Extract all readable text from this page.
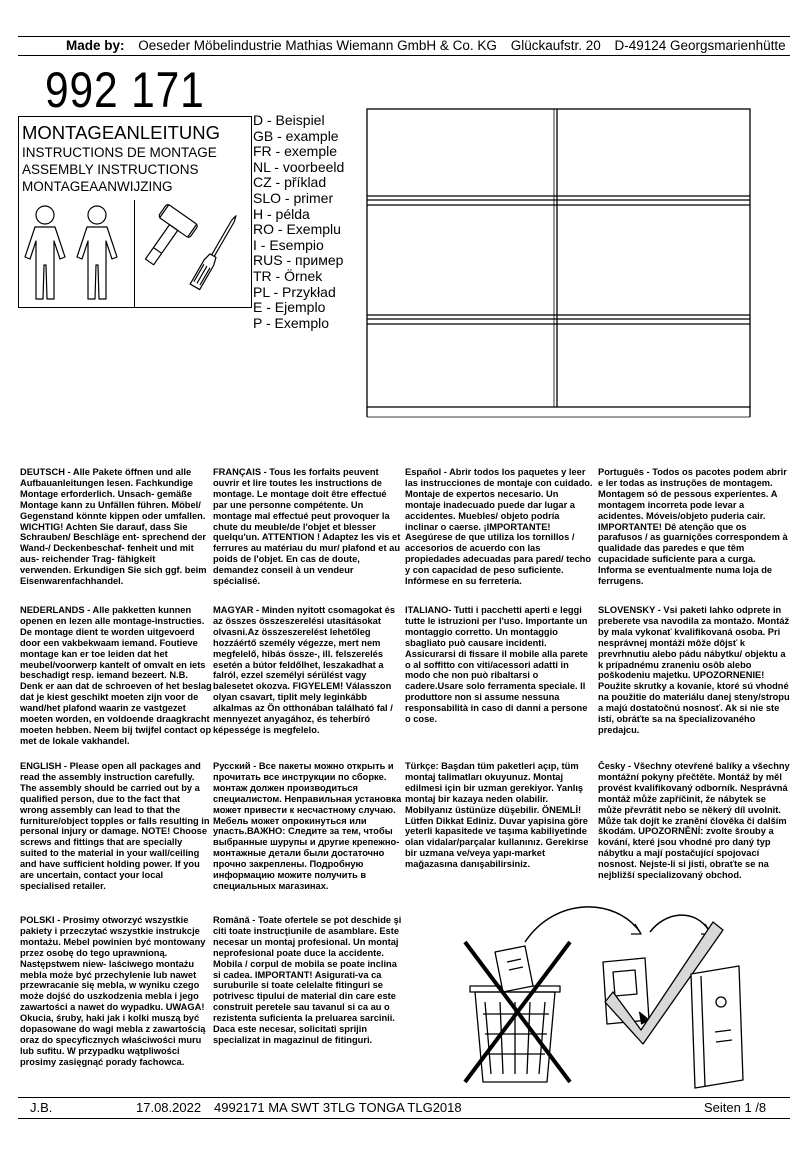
Made by: Oeseder Möbelindustrie Mathias Wiemann GmbH & Co. KG Glückaufstr. 20 D-49124 Georgsmarienhütte
992 171
MONTAGEANLEITUNG
INSTRUCTIONS DE MONTAGE
ASSEMBLY INSTRUCTIONS
MONTAGEAANWIJZING
D - Beispiel
GB - example
FR - exemple
NL - voorbeeld
CZ - příklad
SLO - primer
H - példa
RO - Exemplu
I - Esempio
RUS - пример
TR - Örnek
PL - Przykład
E - Ejemplo
P - Exemplo
DEUTSCH - Alle Pakete öffnen und alle Aufbauanleitungen lesen. Fachkundige Montage erforderlich. Unsach- gemäße Montage kann zu Unfällen führen. Möbel/ Gegenstand könnte kippen oder umfallen. WICHTIG! Achten Sie darauf, dass Sie Schrauben/ Beschläge ent- sprechend der Wand-/ Deckenbeschaf- fenheit und mit aus- reichender Trag- fähigkeit verwenden. Erkundigen Sie sich ggf. beim Eisenwarenfachhandel.
FRANÇAIS - Tous les forfaits peuvent ouvrir et lire toutes les instructions de montage. Le montage doit être effectué par une personne compétente. Un montage mal effectué peut provoquer la chute du meuble/de l'objet et blesser quelqu'un. ATTENTION ! Adaptez les vis et ferrures au matériau du mur/ plafond et au poids de l'objet. En cas de doute, demandez conseil à un vendeur spécialisé.
Español - Abrir todos los paquetes y leer las instrucciones de montaje con cuidado. Montaje de expertos necesario. Un montaje inadecuado puede dar lugar a accidentes. Muebles/ objeto podría inclinar o caerse. ¡IMPORTANTE! Asegúrese de que utiliza los tornillos / accesorios de acuerdo con las propiedades adecuadas para pared/ techo y con capacidad de peso suficiente. Infórmese en su ferretería.
Português - Todos os pacotes podem abrir e ler todas as instruções de montagem. Montagem só de pessous experientes. A montagem incorreta pode levar a acidentes. Móveis/objeto puderia cair. IMPORTANTE! Dê atenção que os parafusos / as guarnições correspondem à qualidade das paredes e que têm cupacidade suficiente para a curga. Informa se eventualmente numa loja de ferrugens.
NEDERLANDS - Alle pakketten kunnen openen en lezen alle montage-instructies. De montage dient te worden uitgevoerd door een vakbekwaam iemand. Foutieve montage kan er toe leiden dat het meubel/voorwerp kantelt of omvalt en iets beschadigt resp. iemand bezeert. N.B. Denk er aan dat de schroeven of het beslag dat je kiest geschikt moeten zijn voor de wand/het plafond waarin ze vastgezet moeten worden, en voldoende draagkracht moeten hebben. Neem bij twijfel contact op met de lokale vakhandel.
MAGYAR - Minden nyitott csomagokat és az összes összeszerelési utasításokat olvasni.Az összeszerelést lehetőleg hozzáértő személy végezze, mert nem megfelelő, hibás össze-, ill. felszerelés esetén a bútor feldőlhet, leszakadhat a falról, ezzel személyi sérülést vagy balesetet okozva. FIGYELEM! Válasszon olyan csavart, tiplit mely leginkább alkalmas az Ön otthonában található fal / mennyezet anyagához, és teherbíró képessége is megfelelo.
ITALIANO- Tutti i pacchetti aperti e leggi tutte le istruzioni per l'uso. Importante un montaggio corretto. Un montaggio sbagliato può causare incidenti. Assicurarsi di fissare il mobile alla parete o al soffitto con viti/acessori adatti in modo che non può ribaltarsi o cadere.Usare solo ferramenta speciale. Il produttore non si assume nessuna responsabilità in caso di danni a persone o cose.
SLOVENSKY - Vsi paketi lahko odprete in preberete vsa navodila za montažo. Montáž by mala vykonať kvalifikovaná osoba. Pri nesprávnej montáži môže dôjsť k prevrhnutiu alebo pádu nábytku/ objektu a k prípadnému zraneniu osôb alebo poškodeniu majetku. UPOZORNENIE! Použite skrutky a kovanie, ktoré sú vhodné na použitie do materiálu danej steny/stropu a majú dostatočnú nosnosť. Ak si nie ste istí, obráťte sa na špecializovaného predajcu.
ENGLISH - Please open all packages and read the assembly instruction carefully. The assembly should be carried out by a qualified person, due to the fact that wrong assembly can lead to that the furniture/object topples or falls resulting in personal injury or damage. NOTE! Choose screws and fittings that are specially suited to the material in your wall/ceiling and have sufficient holding power. If you are uncertain, contact your local specialised retailer.
Русский - Все пакеты можно открыть и прочитать все инструкции по сборке. монтаж должен производиться специалистом. Неправильная установка может привести к несчастному случаю. Мебель может опрокинуться или упасть.ВАЖНО: Следите за тем, чтобы выбранные шурупы и другие крепежно-монтажные детали были достаточно прочно закреплены. Подробную информацию можите получить в специальных магазинах.
Türkçe: Başdan tüm paketleri açıp, tüm montaj talimatları okuyunuz. Montaj edilmesi için bir uzman gerekiyor. Yanlış montaj bir kazaya neden olabilir. Mobilyanız üstünüze düşebilir. ÖNEMLİ! Lütfen Dikkat Ediniz. Duvar yapisina göre yeterli kapasitede ve taşıma kabiliyetinde olan vidalar/parçalar kullanınız. Gerekirse bir uzmana ve/veya yapı-market mağazasına danışabilirsiniz.
Česky - Všechny otevřené balíky a všechny montážní pokyny přečtěte. Montáž by měl provést kvalifikovaný odborník. Nesprávná montáž může zapříčinit, že nábytek se může převrátit nebo se někerý díl uvolnit. Může tak dojít ke zranění člověka či dalším škodám. UPOZORNĚNÍ: zvolte šrouby a kování, které jsou vhodné pro daný typ nábytku a mají postačující spojovací nosnost. Nejste-li si jisti, obraťte se na nejbližší specializovaný obchod.
POLSKI - Prosimy otworzyć wszystkie pakiety i przeczytać wszystkie instrukcje montażu. Mebel powinien być montowany przez osobę do tego uprawnioną. Następstwem niew- laściwego montażu mebla może być przechylenie lub nawet przewracanie się mebla, w wyniku czego może dojść do uszkodzenia mebla i jego zawartości a nawet do wypadku. UWAGA! Okucia, śruby, haki jak i kolki muszą być dopasowane do wagi mebla z zawartością oraz do specyficznych właściwości muru lub sufitu. W przypadku wątpliwości prosimy zasięgnąć porady fachowca.
Română - Toate ofertele se pot deschide şi citi toate instrucţiunile de asamblare. Este necesar un montaj profesional. Un montaj neprofesional poate duce la accidente. Mobila / corpul de mobila se poate inclina si cadea. IMPORTANT! Asigurati-va ca suruburile si toate celelalte fitinguri se potrivesc tipului de material din care este construit peretele sau tavanul si ca au o rezistenta suficienta la preluarea sarcinii. Daca este necesar, solicitati sprijin specializat in magazinul de fitinguri.
J.B.	17.08.2022 4992171 MA SWT 3TLG TONGA TLG2018	Seiten 1 /8
